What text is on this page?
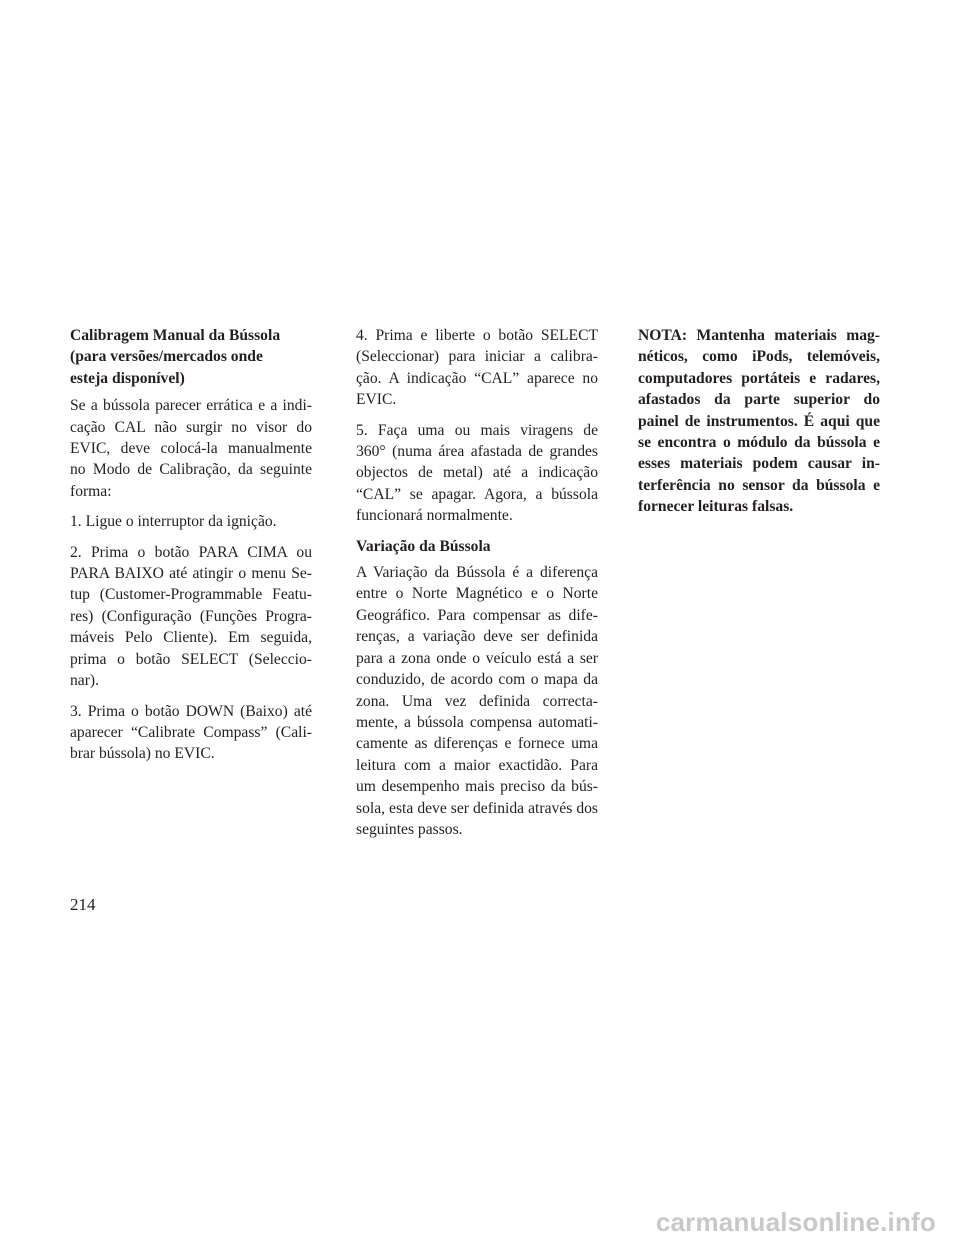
Calibragem Manual da Bússola
(para versões/mercados onde
esteja disponível)
Se a bússola parecer errática e a indi-
cação CAL não surgir no visor do
EVIC, deve colocá-la manualmente
no Modo de Calibração, da seguinte
forma:
1. Ligue o interruptor da ignição.
2. Prima o botão PARA CIMA ou
PARA BAIXO até atingir o menu Se-
tup (Customer-Programmable Featu-
res) (Configuração (Funções Progra-
máveis Pelo Cliente). Em seguida,
prima o botão SELECT (Seleccio-
nar).
3. Prima o botão DOWN (Baixo) até
aparecer “Calibrate Compass” (Cali-
brar bússola) no EVIC.
4. Prima e liberte o botão SELECT
(Seleccionar) para iniciar a calibra-
ção. A indicação “CAL” aparece no
EVIC.
5. Faça uma ou mais viragens de
360° (numa área afastada de grandes
objectos de metal) até a indicação
“CAL” se apagar. Agora, a bússola
funcionará normalmente.
Variação da Bússola
A Variação da Bússola é a diferença
entre o Norte Magnético e o Norte
Geográfico. Para compensar as dife-
renças, a variação deve ser definida
para a zona onde o veículo está a ser
conduzido, de acordo com o mapa da
zona. Uma vez definida correcta-
mente, a bússola compensa automati-
camente as diferenças e fornece uma
leitura com a maior exactidão. Para
um desempenho mais preciso da bús-
sola, esta deve ser definida através dos
seguintes passos.
NOTA: Mantenha materiais mag-
néticos, como iPods, telemóveis,
computadores portáteis e radares,
afastados da parte superior do
painel de instrumentos. É aqui que
se encontra o módulo da bússola e
esses materiais podem causar in-
terferência no sensor da bússola e
fornecer leituras falsas.
214
carmanualsonline.info
